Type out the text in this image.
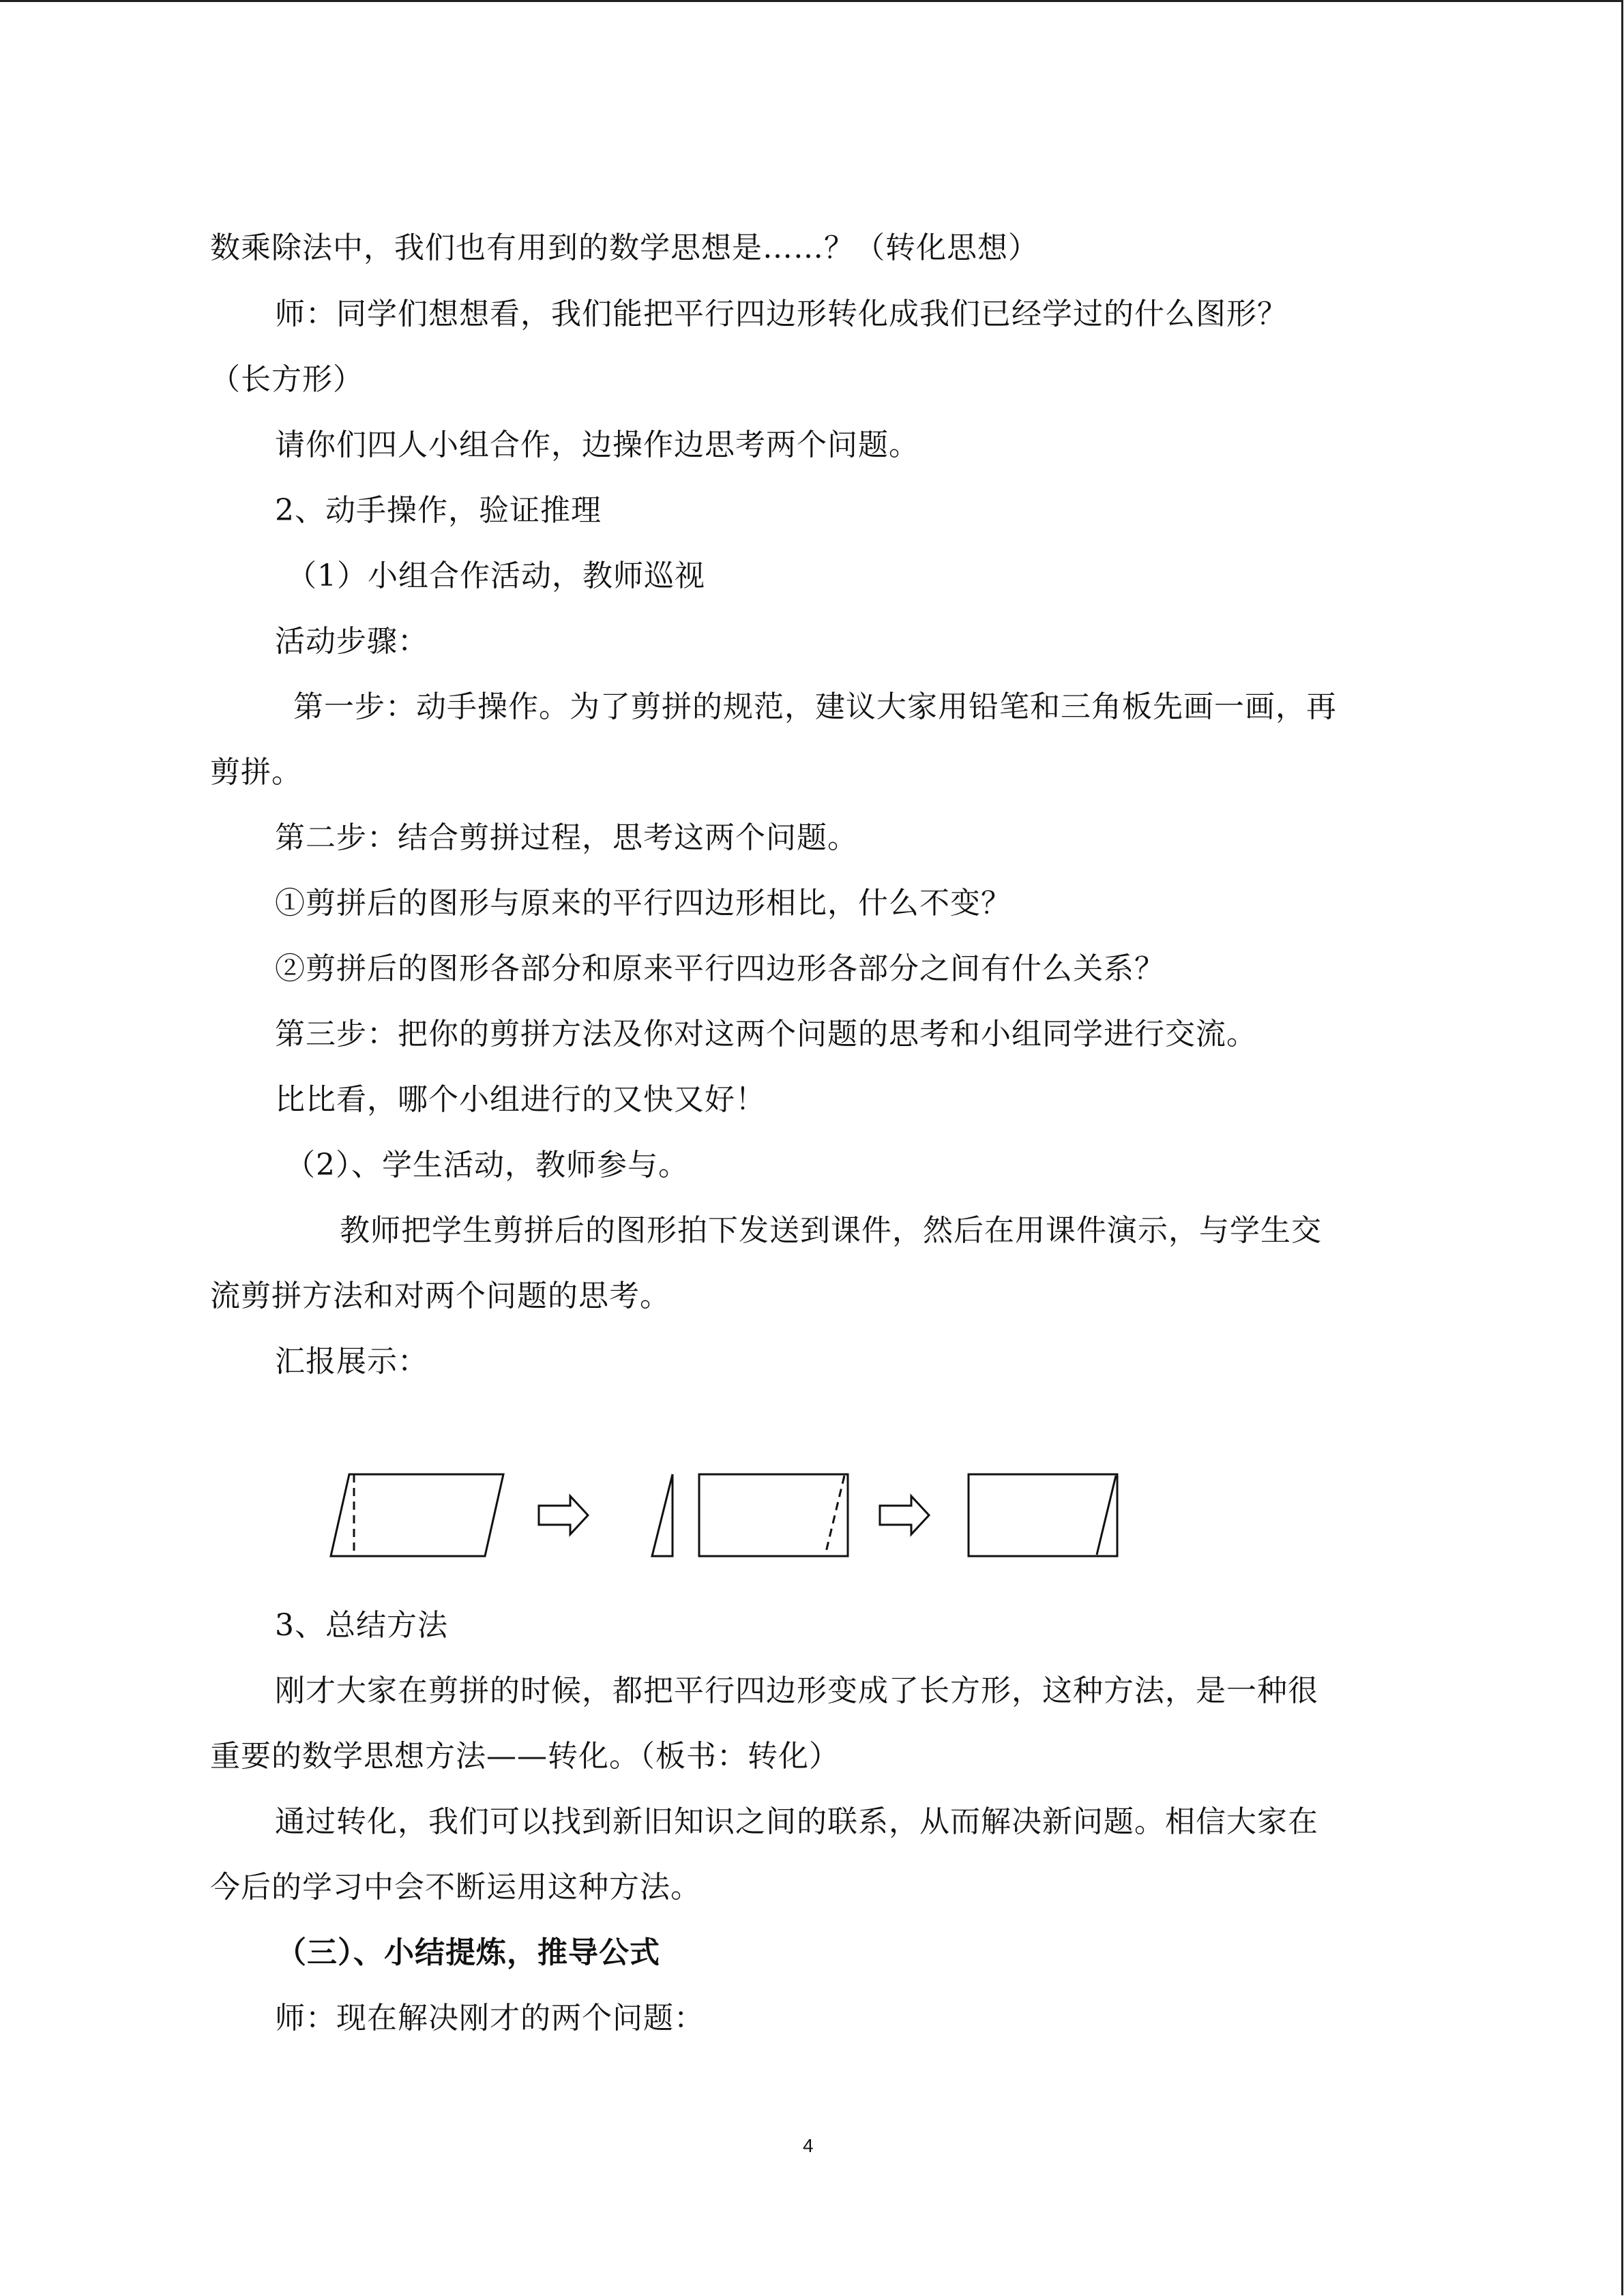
数乘除法中，我们也有用到的数学思想是……？（转化思想）
师：同学们想想看，我们能把平行四边形转化成我们已经学过的什么图形？
（长方形）
请你们四人小组合作，边操作边思考两个问题。
2、动手操作，验证推理
（1）小组合作活动，教师巡视
活动步骤：
第一步：动手操作。为了剪拼的规范，建议大家用铅笔和三角板先画一画，再
剪拼。
第二步：结合剪拼过程，思考这两个问题。
①剪拼后的图形与原来的平行四边形相比，什么不变？
②剪拼后的图形各部分和原来平行四边形各部分之间有什么关系？
第三步：把你的剪拼方法及你对这两个问题的思考和小组同学进行交流。
比比看，哪个小组进行的又快又好！
（2）、学生活动，教师参与。
教师把学生剪拼后的图形拍下发送到课件，然后在用课件演示，与学生交
流剪拼方法和对两个问题的思考。
汇报展示：
3、总结方法
刚才大家在剪拼的时候，都把平行四边形变成了长方形，这种方法，是一种很
重要的数学思想方法——转化。（板书：转化）
通过转化，我们可以找到新旧知识之间的联系，从而解决新问题。相信大家在
今后的学习中会不断运用这种方法。
（三）、小结提炼，推导公式
师：现在解决刚才的两个问题：
4
